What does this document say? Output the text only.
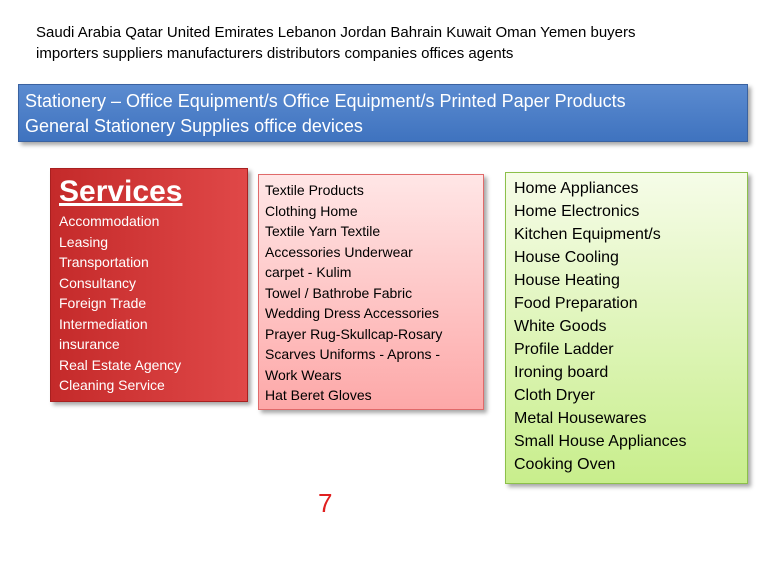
Saudi Arabia Qatar United Emirates Lebanon Jordan Bahrain Kuwait Oman Yemen buyers
importers suppliers manufacturers distributors companies offices agents
Stationery – Office Equipment/s Office Equipment/s Printed Paper Products
General Stationery Supplies office devices
Services
Accommodation
Leasing
Transportation
Consultancy
Foreign Trade
Intermediation
insurance
Real Estate Agency
Cleaning Service
Textile Products
Clothing Home
Textile Yarn Textile
Accessories Underwear
carpet - Kulim
Towel / Bathrobe Fabric
Wedding Dress Accessories
Prayer Rug-Skullcap-Rosary
Scarves Uniforms - Aprons -
Work Wears
Hat Beret Gloves
Home Appliances
Home Electronics
Kitchen Equipment/s
House Cooling
House Heating
Food Preparation
White Goods
Profile Ladder
Ironing board
Cloth Dryer
Metal Housewares
Small House Appliances
Cooking Oven
7
